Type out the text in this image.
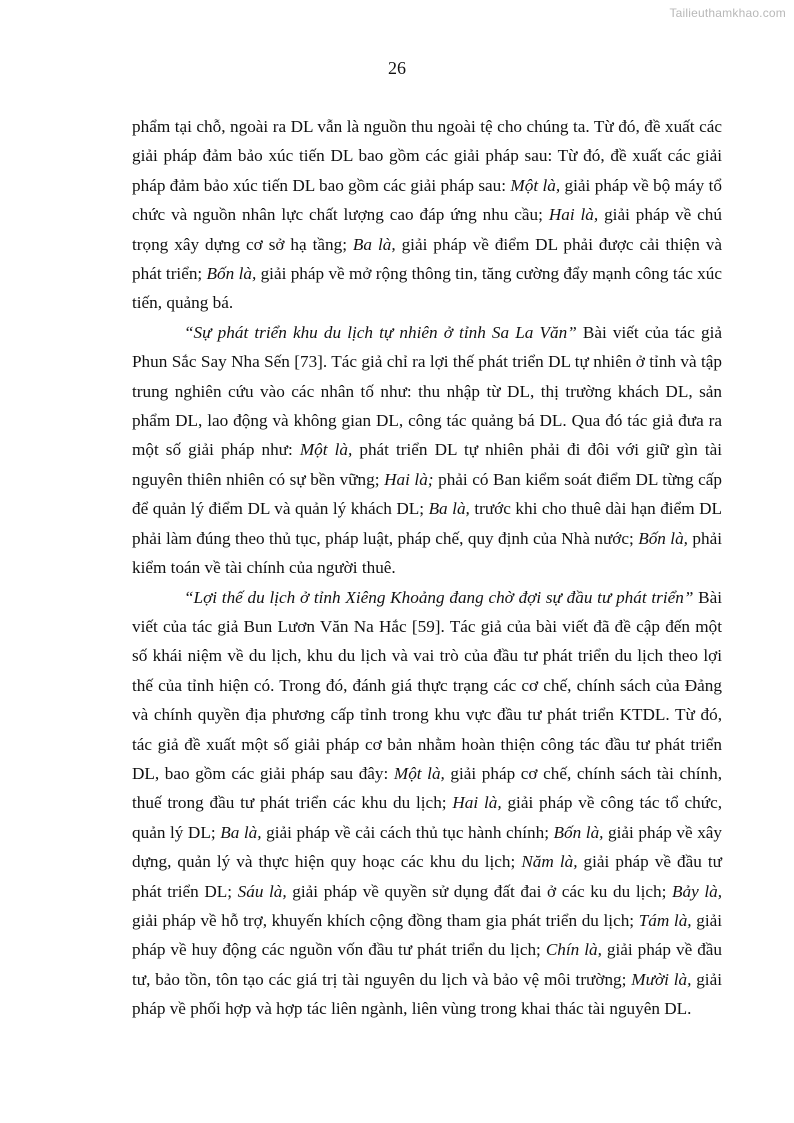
Tailieuthamkhao.com
26

phẩm tại chỗ, ngoài ra DL vẫn là nguồn thu ngoài tệ cho chúng ta. Từ đó, đề xuất các giải pháp đảm bảo xúc tiến DL bao gồm các giải pháp sau: Từ đó, đề xuất các giải pháp đảm bảo xúc tiến DL bao gồm các giải pháp sau: Một là, giải pháp về bộ máy tổ chức và nguồn nhân lực chất lượng cao đáp ứng nhu cầu; Hai là, giải pháp về chú trọng xây dựng cơ sở hạ tầng; Ba là, giải pháp về điểm DL phải được cải thiện và phát triển; Bốn là, giải pháp về mở rộng thông tin, tăng cường đẩy mạnh công tác xúc tiến, quảng bá.

“Sự phát triển khu du lịch tự nhiên ở tỉnh Sa La Văn” Bài viết của tác giả Phun Sắc Say Nha Sến [73]. Tác giả chỉ ra lợi thế phát triển DL tự nhiên ở tỉnh và tập trung nghiên cứu vào các nhân tố như: thu nhập từ DL, thị trường khách DL, sản phẩm DL, lao động và không gian DL, công tác quảng bá DL. Qua đó tác giả đưa ra một số giải pháp như: Một là, phát triển DL tự nhiên phải đi đôi với giữ gìn tài nguyên thiên nhiên có sự bền vững; Hai là; phải có Ban kiểm soát điểm DL từng cấp để quản lý điểm DL và quản lý khách DL; Ba là, trước khi cho thuê dài hạn điểm DL phải làm đúng theo thủ tục, pháp luật, pháp chế, quy định của Nhà nước; Bốn là, phải kiểm toán về tài chính của người thuê.

“Lợi thế du lịch ở tỉnh Xiêng Khoảng đang chờ đợi sự đầu tư phát triển” Bài viết của tác giả Bun Lươn Văn Na Hắc [59]. Tác giả của bài viết đã đề cập đến một số khái niệm về du lịch, khu du lịch và vai trò của đầu tư phát triển du lịch theo lợi thế của tỉnh hiện có. Trong đó, đánh giá thực trạng các cơ chế, chính sách của Đảng và chính quyền địa phương cấp tỉnh trong khu vực đầu tư phát triển KTDL. Từ đó, tác giả đề xuất một số giải pháp cơ bản nhằm hoàn thiện công tác đầu tư phát triển DL, bao gồm các giải pháp sau đây: Một là, giải pháp cơ chế, chính sách tài chính, thuế trong đầu tư phát triển các khu du lịch; Hai là, giải pháp về công tác tổ chức, quản lý DL; Ba là, giải pháp về cải cách thủ tục hành chính; Bốn là, giải pháp về xây dựng, quản lý và thực hiện quy hoạc các khu du lịch; Năm là, giải pháp về đầu tư phát triển DL; Sáu là, giải pháp về quyền sử dụng đất đai ở các ku du lịch; Bảy là, giải pháp về hỗ trợ, khuyến khích cộng đồng tham gia phát triển du lịch; Tám là, giải pháp về huy động các nguồn vốn đầu tư phát triển du lịch; Chín là, giải pháp về đầu tư, bảo tồn, tôn tạo các giá trị tài nguyên du lịch và bảo vệ môi trường; Mười là, giải pháp về phối hợp và hợp tác liên ngành, liên vùng trong khai thác tài nguyên DL.
